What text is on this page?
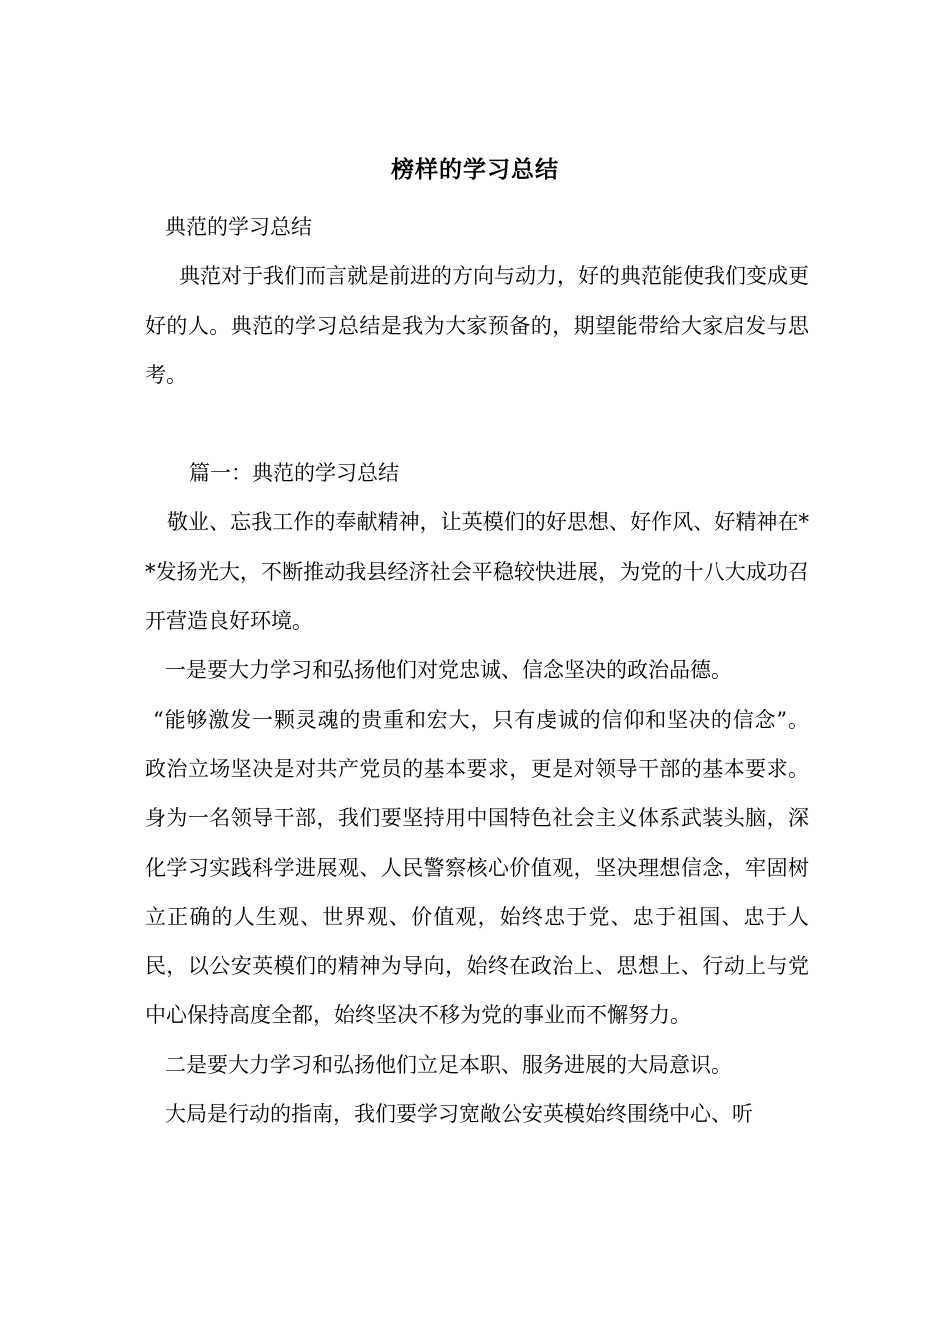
榜样的学习总结

典范的学习总结

典范对于我们而言就是前进的方向与动力，好的典范能使我们变成更好的人。典范的学习总结是我为大家预备的，期望能带给大家启发与思考。

篇一：典范的学习总结

敬业、忘我工作的奉献精神，让英模们的好思想、好作风、好精神在**发扬光大，不断推动我县经济社会平稳较快进展，为党的十八大成功召开营造良好环境。

一是要大力学习和弘扬他们对党忠诚、信念坚决的政治品德。

“能够激发一颗灵魂的贵重和宏大，只有虔诚的信仰和坚决的信念”。 政治立场坚决是对共产党员的基本要求，更是对领导干部的基本要求。身为一名领导干部，我们要坚持用中国特色社会主义体系武装头脑，深化学习实践科学进展观、人民警察核心价值观，坚决理想信念，牢固树立正确的人生观、世界观、价值观，始终忠于党、忠于祖国、忠于人民，以公安英模们的精神为导向，始终在政治上、思想上、行动上与党中心保持高度全都，始终坚决不移为党的事业而不懈努力。

二是要大力学习和弘扬他们立足本职、服务进展的大局意识。

大局是行动的指南，我们要学习宽敞公安英模始终围绕中心、听
